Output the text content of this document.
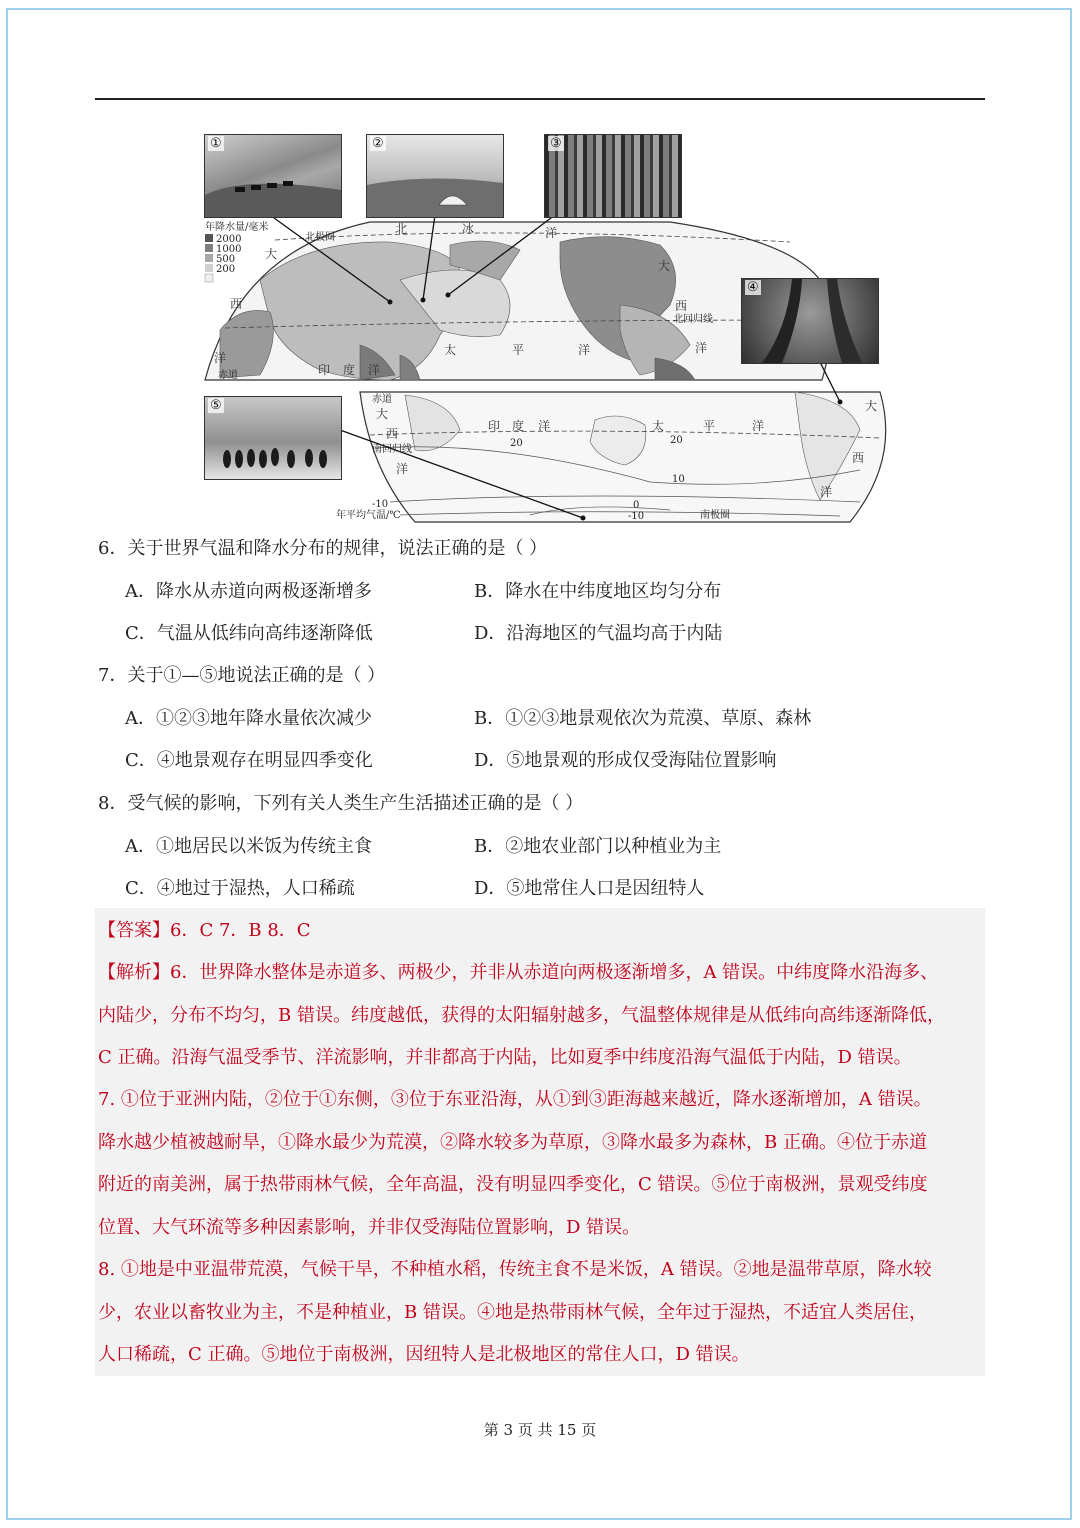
年降水量/毫米
2000
1000
500
200
北极圈
北	冰	洋
大
西
洋
北回归线
赤道	印 度 洋
太	平	洋
大
西
洋
赤道
大
西
南回归线
洋
印 度 洋	太	平	洋
大
西
洋
20	20
10
0
-10
-10	南极圈
年平均气温/℃
①	②	③
④
⑤
6．关于世界气温和降水分布的规律，说法正确的是（ ）
A．降水从赤道向两极逐渐增多	B．降水在中纬度地区均匀分布
C．气温从低纬向高纬逐渐降低	D．沿海地区的气温均高于内陆
7．关于①—⑤地说法正确的是（ ）
A．①②③地年降水量依次减少	B．①②③地景观依次为荒漠、草原、森林
C．④地景观存在明显四季变化	D．⑤地景观的形成仅受海陆位置影响
8．受气候的影响，下列有关人类生产生活描述正确的是（ ）
A．①地居民以米饭为传统主食	B．②地农业部门以种植业为主
C．④地过于湿热，人口稀疏	D．⑤地常住人口是因纽特人
【答案】6．C 7．B 8．C
【解析】6．世界降水整体是赤道多、两极少，并非从赤道向两极逐渐增多，A 错误。中纬度降水沿海多、
内陆少，分布不均匀，B 错误。纬度越低，获得的太阳辐射越多，气温整体规律是从低纬向高纬逐渐降低，
C 正确。沿海气温受季节、洋流影响，并非都高于内陆，比如夏季中纬度沿海气温低于内陆，D 错误。
7. ①位于亚洲内陆，②位于①东侧，③位于东亚沿海，从①到③距海越来越近，降水逐渐增加，A 错误。
降水越少植被越耐旱，①降水最少为荒漠，②降水较多为草原，③降水最多为森林，B 正确。④位于赤道
附近的南美洲，属于热带雨林气候，全年高温，没有明显四季变化，C 错误。⑤位于南极洲，景观受纬度
位置、大气环流等多种因素影响，并非仅受海陆位置影响，D 错误。
8. ①地是中亚温带荒漠，气候干旱，不种植水稻，传统主食不是米饭，A 错误。②地是温带草原，降水较
少，农业以畜牧业为主，不是种植业，B 错误。④地是热带雨林气候，全年过于湿热，不适宜人类居住，
人口稀疏，C 正确。⑤地位于南极洲，因纽特人是北极地区的常住人口，D 错误。
第 3 页 共 15 页
